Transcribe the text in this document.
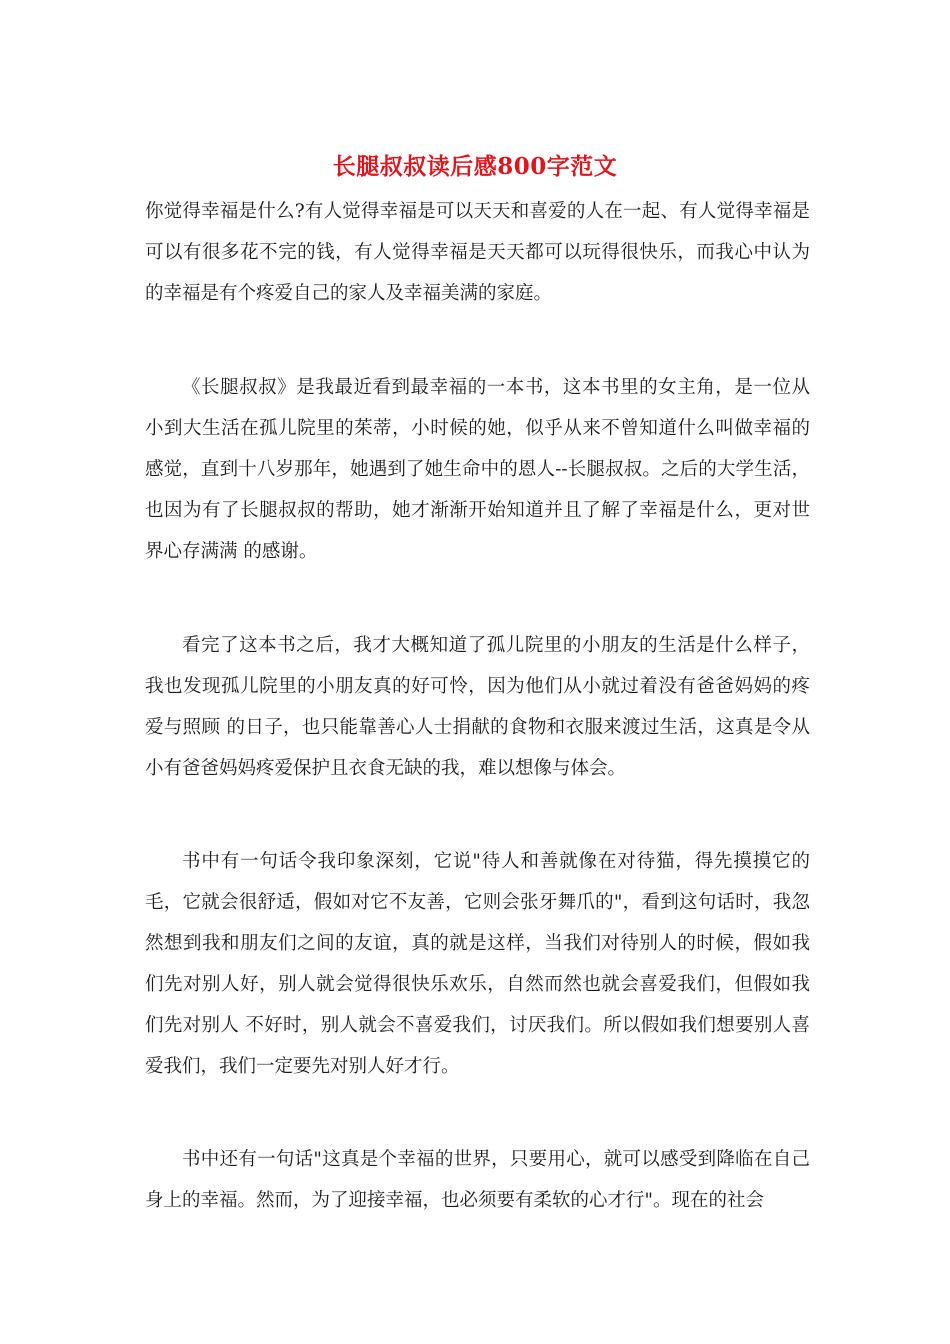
长腿叔叔读后感800字范文

你觉得幸福是什么?有人觉得幸福是可以天天和喜爱的人在一起、有人觉得幸福是可以有很多花不完的钱，有人觉得幸福是天天都可以玩得很快乐，而我心中认为的幸福是有个疼爱自己的家人及幸福美满的家庭。

《长腿叔叔》是我最近看到最幸福的一本书，这本书里的女主角，是一位从小到大生活在孤儿院里的茱蒂，小时候的她，似乎从来不曾知道什么叫做幸福的感觉，直到十八岁那年，她遇到了她生命中的恩人--长腿叔叔。之后的大学生活，也因为有了长腿叔叔的帮助，她才渐渐开始知道并且了解了幸福是什么，更对世界心存满满 的感谢。

看完了这本书之后，我才大概知道了孤儿院里的小朋友的生活是什么样子，我也发现孤儿院里的小朋友真的好可怜，因为他们从小就过着没有爸爸妈妈的疼爱与照顾 的日子，也只能靠善心人士捐献的食物和衣服来渡过生活，这真是令从小有爸爸妈妈疼爱保护且衣食无缺的我，难以想像与体会。

书中有一句话令我印象深刻，它说"待人和善就像在对待猫，得先摸摸它的毛，它就会很舒适，假如对它不友善，它则会张牙舞爪的"，看到这句话时，我忽然想到我和朋友们之间的友谊，真的就是这样，当我们对待别人的时候，假如我们先对别人好，别人就会觉得很快乐欢乐，自然而然也就会喜爱我们，但假如我们先对别人 不好时，别人就会不喜爱我们，讨厌我们。所以假如我们想要别人喜爱我们，我们一定要先对别人好才行。

书中还有一句话"这真是个幸福的世界，只要用心，就可以感受到降临在自己身上的幸福。然而，为了迎接幸福，也必须要有柔软的心才行"。现在的社会
